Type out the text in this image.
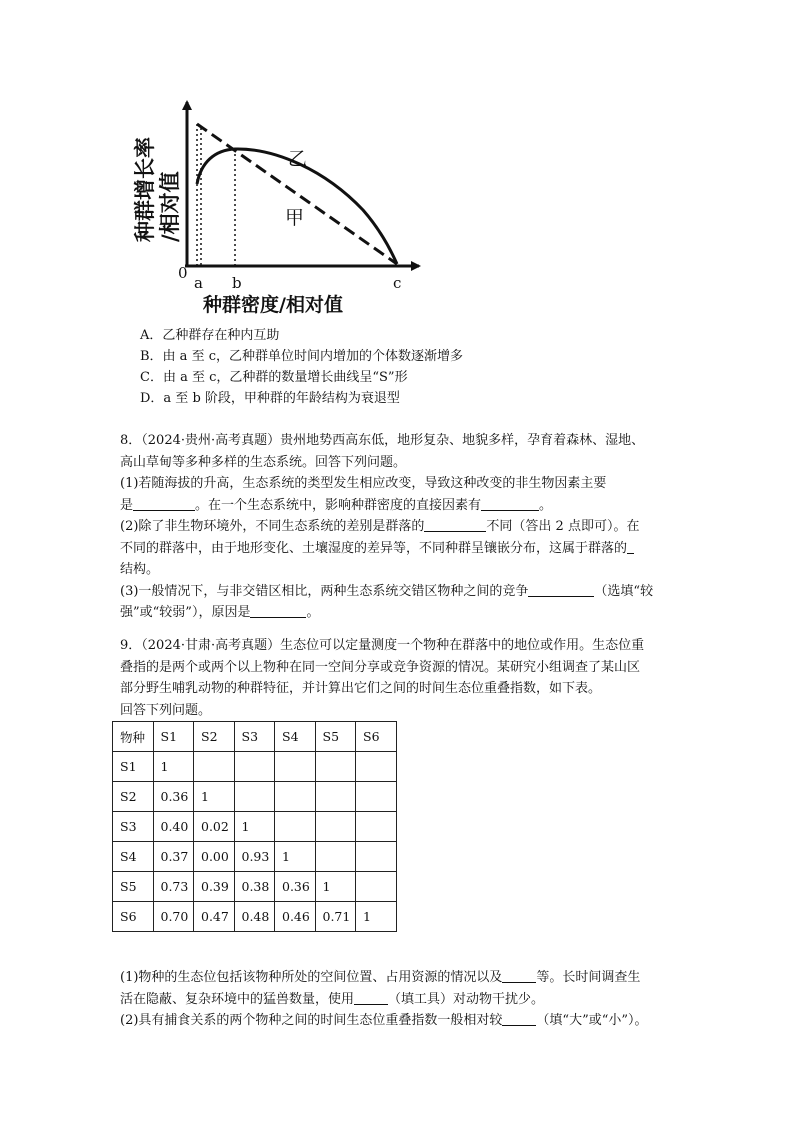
种群增长率 /相对值
0
a b	c
乙
甲
种群密度/相对值
A．乙种群存在种内互助
B．由 a 至 c，乙种群单位时间内增加的个体数逐渐增多
C．由 a 至 c，乙种群的数量增长曲线呈“S”形
D．a 至 b 阶段，甲种群的年龄结构为衰退型

8．（2024·贵州·高考真题）贵州地势西高东低，地形复杂、地貌多样，孕育着森林、湿地、

高山草甸等多种多样的生态系统。回答下列问题。

(1)若随海拔的升高，生态系统的类型发生相应改变，导致这种改变的非生物因素主要

是	。在一个生态系统中，影响种群密度的直接因素有	。

(2)除了非生物环境外，不同生态系统的差别是群落的	不同（答出 2 点即可）。在

不同的群落中，由于地形变化、土壤湿度的差异等，不同种群呈镶嵌分布，这属于群落的

结构。

(3)一般情况下，与非交错区相比，两种生态系统交错区物种之间的竞争	（选填“较

强”或“较弱”），原因是	。

9．（2024·甘肃·高考真题）生态位可以定量测度一个物种在群落中的地位或作用。生态位重

叠指的是两个或两个以上物种在同一空间分享或竞争资源的情况。某研究小组调查了某山区

部分野生哺乳动物的种群特征，并计算出它们之间的时间生态位重叠指数，如下表。

回答下列问题。

物种	S1	S2	S3	S4	S5	S6
S1	1					
S2	0.36	1				
S3	0.40	0.02	1			
S4	0.37	0.00	0.93	1		
S5	0.73	0.39	0.38	0.36	1	
S6	0.70	0.47	0.48	0.46	0.71	1

(1)物种的生态位包括该物种所处的空间位置、占用资源的情况以及	等。长时间调查生

活在隐蔽、复杂环境中的猛兽数量，使用	（填工具）对动物干扰少。

(2)具有捕食关系的两个物种之间的时间生态位重叠指数一般相对较	（填“大”或“小”）。
